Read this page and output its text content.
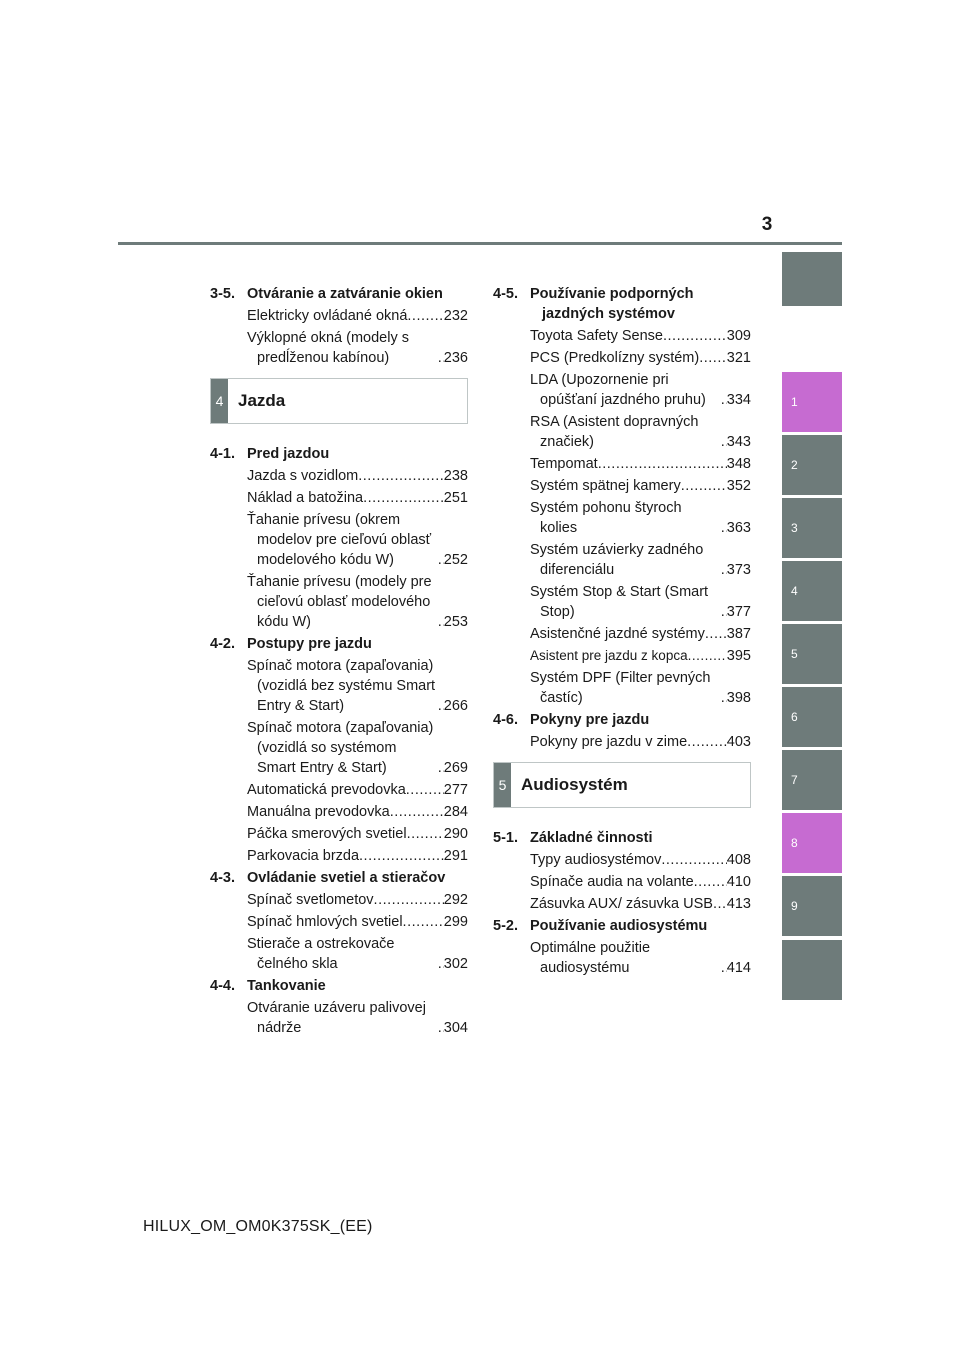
3
1
2
3
4
5
6
7
8
9
3-5. Otváranie a zatváranie okien
Elektricky ovládané okná .....	232
Výklopné okná (modely s predĺženou kabínou) .....	236
4 Jazda
4-1. Pred jazdou
Jazda s vozidlom .....	238
Náklad a batožina .....	251
Ťahanie prívesu (okrem modelov pre cieľovú oblasť modelového kódu W) .....	252
Ťahanie prívesu (modely pre cieľovú oblasť modelového kódu W) .....	253
4-2. Postupy pre jazdu
Spínač motora (zapaľovania) (vozidlá bez systému Smart Entry & Start) .....	266
Spínač motora (zapaľovania) (vozidlá so systémom Smart Entry & Start) .....	269
Automatická prevodovka .....	277
Manuálna prevodovka .....	284
Páčka smerových svetiel .....	290
Parkovacia brzda .....	291
4-3. Ovládanie svetiel a stieračov
Spínač svetlometov .....	292
Spínač hmlových svetiel .....	299
Stierače a ostrekovače čelného skla .....	302
4-4. Tankovanie
Otváranie uzáveru palivovej nádrže .....	304
4-5. Používanie podporných jazdných systémov
Toyota Safety Sense .....	309
PCS (Predkolízny systém) ..... 321
LDA (Upozornenie pri opúšťaní jazdného pruhu) .....	334
RSA (Asistent dopravných značiek) .....	343
Tempomat .....	348
Systém spätnej kamery .....	352
Systém pohonu štyroch kolies .....	363
Systém uzávierky zadného diferenciálu .....	373
Systém Stop & Start (Smart Stop) .....	377
Asistenčné jazdné systémy ..... 387
Asistent pre jazdu z kopca .....	395
Systém DPF (Filter pevných častíc) .....	398
4-6. Pokyny pre jazdu
Pokyny pre jazdu v zime .....	403
5 Audiosystém
5-1. Základné činnosti
Typy audiosystémov .....	408
Spínače audia na volante ..... 410
Zásuvka AUX/ zásuvka USB ..... 413
5-2. Používanie audiosystému
Optimálne použitie audiosystému .....	414
HILUX_OM_OM0K375SK_(EE)
